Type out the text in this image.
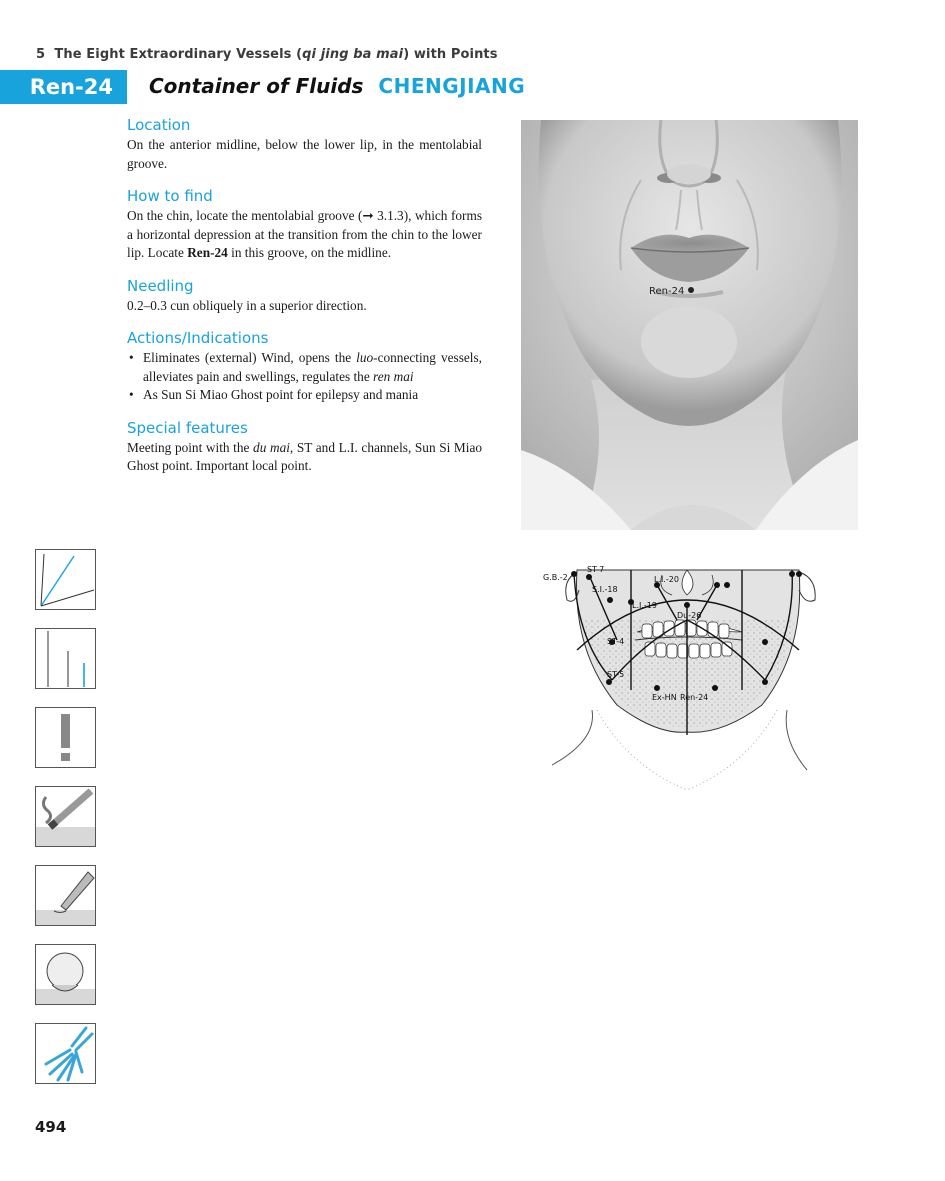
5 The Eight Extraordinary Vessels (qi jing ba mai) with Points
Ren-24	Container of Fluids CHENGJIANG
Location

On the anterior midline, below the lower lip, in the mentolabial groove.

How to find

On the chin, locate the mentolabial groove (➞ 3.1.3), which forms a horizontal depression at the transition from the chin to the lower lip. Locate Ren-24 in this groove, on the midline.

Needling

0.2–0.3 cun obliquely in a superior direction.

Actions/Indications
• Eliminates (external) Wind, opens the luo-connecting vessels, alleviates pain and swellings, regulates the ren mai
• As Sun Si Miao Ghost point for epilepsy and mania
Special features

Meeting point with the du mai, ST and L.I. channels, Sun Si Miao Ghost point. Important local point.

Ren-24
G.B.-2
ST-7
L.I.-20
S.I.-18
L.I.-19
Du-26
ST-4
ST-5
Ex-HN Ren-24
494
